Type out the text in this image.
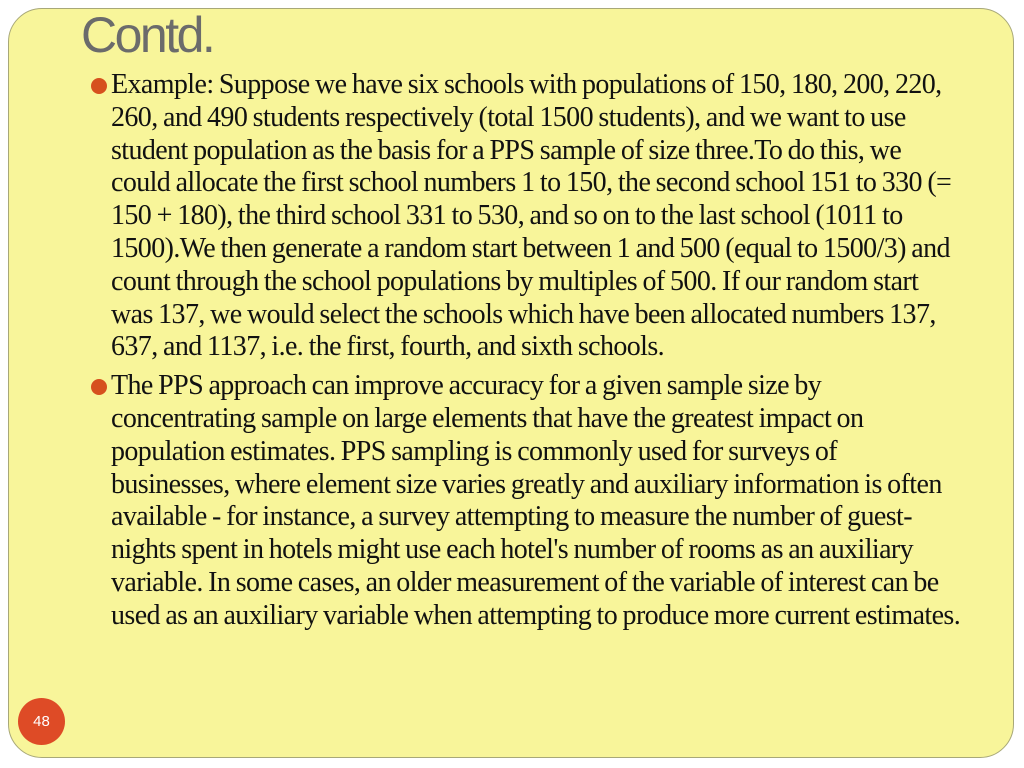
Contd.
Example: Suppose we have six schools with populations of 150, 180, 200, 220, 260, and 490 students respectively (total 1500 students), and we want to use student population as the basis for a PPS sample of size three.To do this, we could allocate the first school numbers 1 to 150, the second school 151 to 330 (= 150 + 180), the third school 331 to 530, and so on to the last school (1011 to 1500).We then generate a random start between 1 and 500 (equal to 1500/3) and count through the school populations by multiples of 500. If our random start was 137, we would select the schools which have been allocated numbers 137, 637, and 1137, i.e. the first, fourth, and sixth schools.
The PPS approach can improve accuracy for a given sample size by concentrating sample on large elements that have the greatest impact on population estimates. PPS sampling is commonly used for surveys of businesses, where element size varies greatly and auxiliary information is often available - for instance, a survey attempting to measure the number of guest-nights spent in hotels might use each hotel's number of rooms as an auxiliary variable. In some cases, an older measurement of the variable of interest can be used as an auxiliary variable when attempting to produce more current estimates.
48
